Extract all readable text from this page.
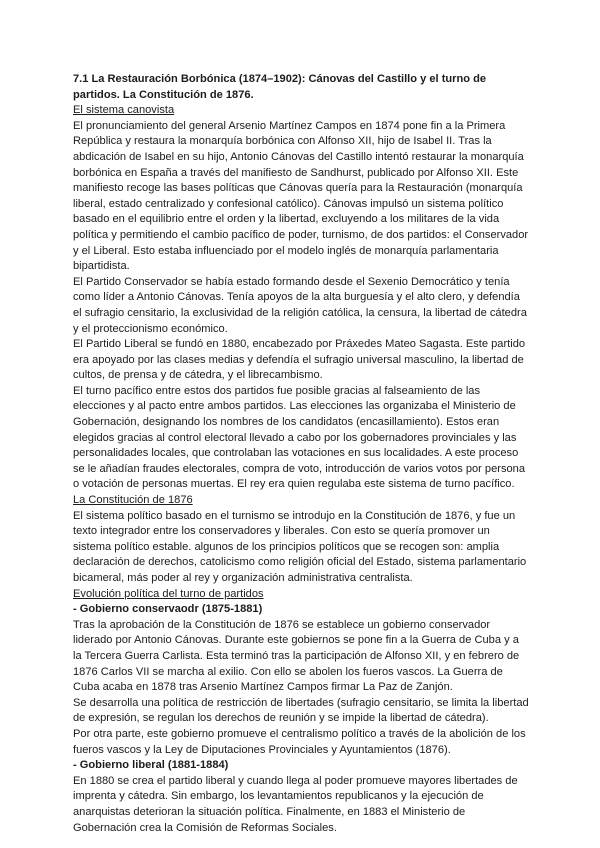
7.1 La Restauración Borbónica (1874–1902): Cánovas del Castillo y el turno de partidos. La Constitución de 1876.

El sistema canovista

El pronunciamiento del general Arsenio Martínez Campos en 1874 pone fin a la Primera República y restaura la monarquía borbónica con Alfonso XII, hijo de Isabel II. Tras la abdicación de Isabel en su hijo, Antonio Cánovas del Castillo intentó restaurar la monarquía borbónica en España a través del manifiesto de Sandhurst, publicado por Alfonso XII. Este manifiesto recoge las bases políticas que Cánovas quería para la Restauración (monarquía liberal, estado centralizado y confesional católico). Cánovas impulsó un sistema político basado en el equilibrio entre el orden y la libertad, excluyendo a los militares de la vida política y permitiendo el cambio pacífico de poder, turnismo, de dos partidos: el Conservador y el Liberal. Esto estaba influenciado por el modelo inglés de monarquía parlamentaria bipartidista.

El Partido Conservador se había estado formando desde el Sexenio Democrático y tenía como líder a Antonio Cánovas. Tenía apoyos de la alta burguesía y el alto clero, y defendía el sufragio censitario, la exclusividad de la religión católica, la censura, la libertad de cátedra y el proteccionismo económico.

El Partido Liberal se fundó en 1880, encabezado por Práxedes Mateo Sagasta. Este partido era apoyado por las clases medias y defendía el sufragio universal masculino, la libertad de cultos, de prensa y de cátedra, y el librecambismo.

El turno pacífico entre estos dos partidos fue posible gracias al falseamiento de las elecciones y al pacto entre ambos partidos. Las elecciones las organizaba el Ministerio de Gobernación, designando los nombres de los candidatos (encasillamiento). Estos eran elegidos gracias al control electoral llevado a cabo por los gobernadores provinciales y las personalidades locales, que controlaban las votaciones en sus localidades. A este proceso se le añadían fraudes electorales, compra de voto, introducción de varios votos por persona o votación de personas muertas. El rey era quien regulaba este sistema de turno pacífico.

La Constitución de 1876

El sistema político basado en el turnismo se introdujo en la Constitución de 1876, y fue un texto integrador entre los conservadores y liberales. Con esto se quería promover un sistema político estable. algunos de los principios políticos que se recogen son: amplia declaración de derechos, catolicismo como religión oficial del Estado, sistema parlamentario bicameral, más poder al rey y organización administrativa centralista.

Evolución política del turno de partidos

- Gobierno conservaodr (1875-1881)

Tras la aprobación de la Constitución de 1876 se establece un gobierno conservador liderado por Antonio Cánovas. Durante este gobiernos se pone fin a la Guerra de Cuba y a la Tercera Guerra Carlista. Esta terminó tras la participación de Alfonso XII, y en febrero de 1876 Carlos VII se marcha al exilio. Con ello se abolen los fueros vascos. La Guerra de Cuba acaba en 1878 tras Arsenio Martínez Campos firmar La Paz de Zanjón.

Se desarrolla una política de restricción de libertades (sufragio censitario, se limita la libertad de expresión, se regulan los derechos de reunión y se impide la libertad de cátedra).

Por otra parte, este gobierno promueve el centralismo político a través de la abolición de los fueros vascos y la Ley de Diputaciones Provinciales y Ayuntamientos (1876).

- Gobierno liberal (1881-1884)

En 1880 se crea el partido liberal y cuando llega al poder promueve mayores libertades de imprenta y cátedra. Sin embargo, los levantamientos republicanos y la ejecución de anarquistas deterioran la situación política. Finalmente, en 1883 el Ministerio de Gobernación crea la Comisión de Reformas Sociales.
